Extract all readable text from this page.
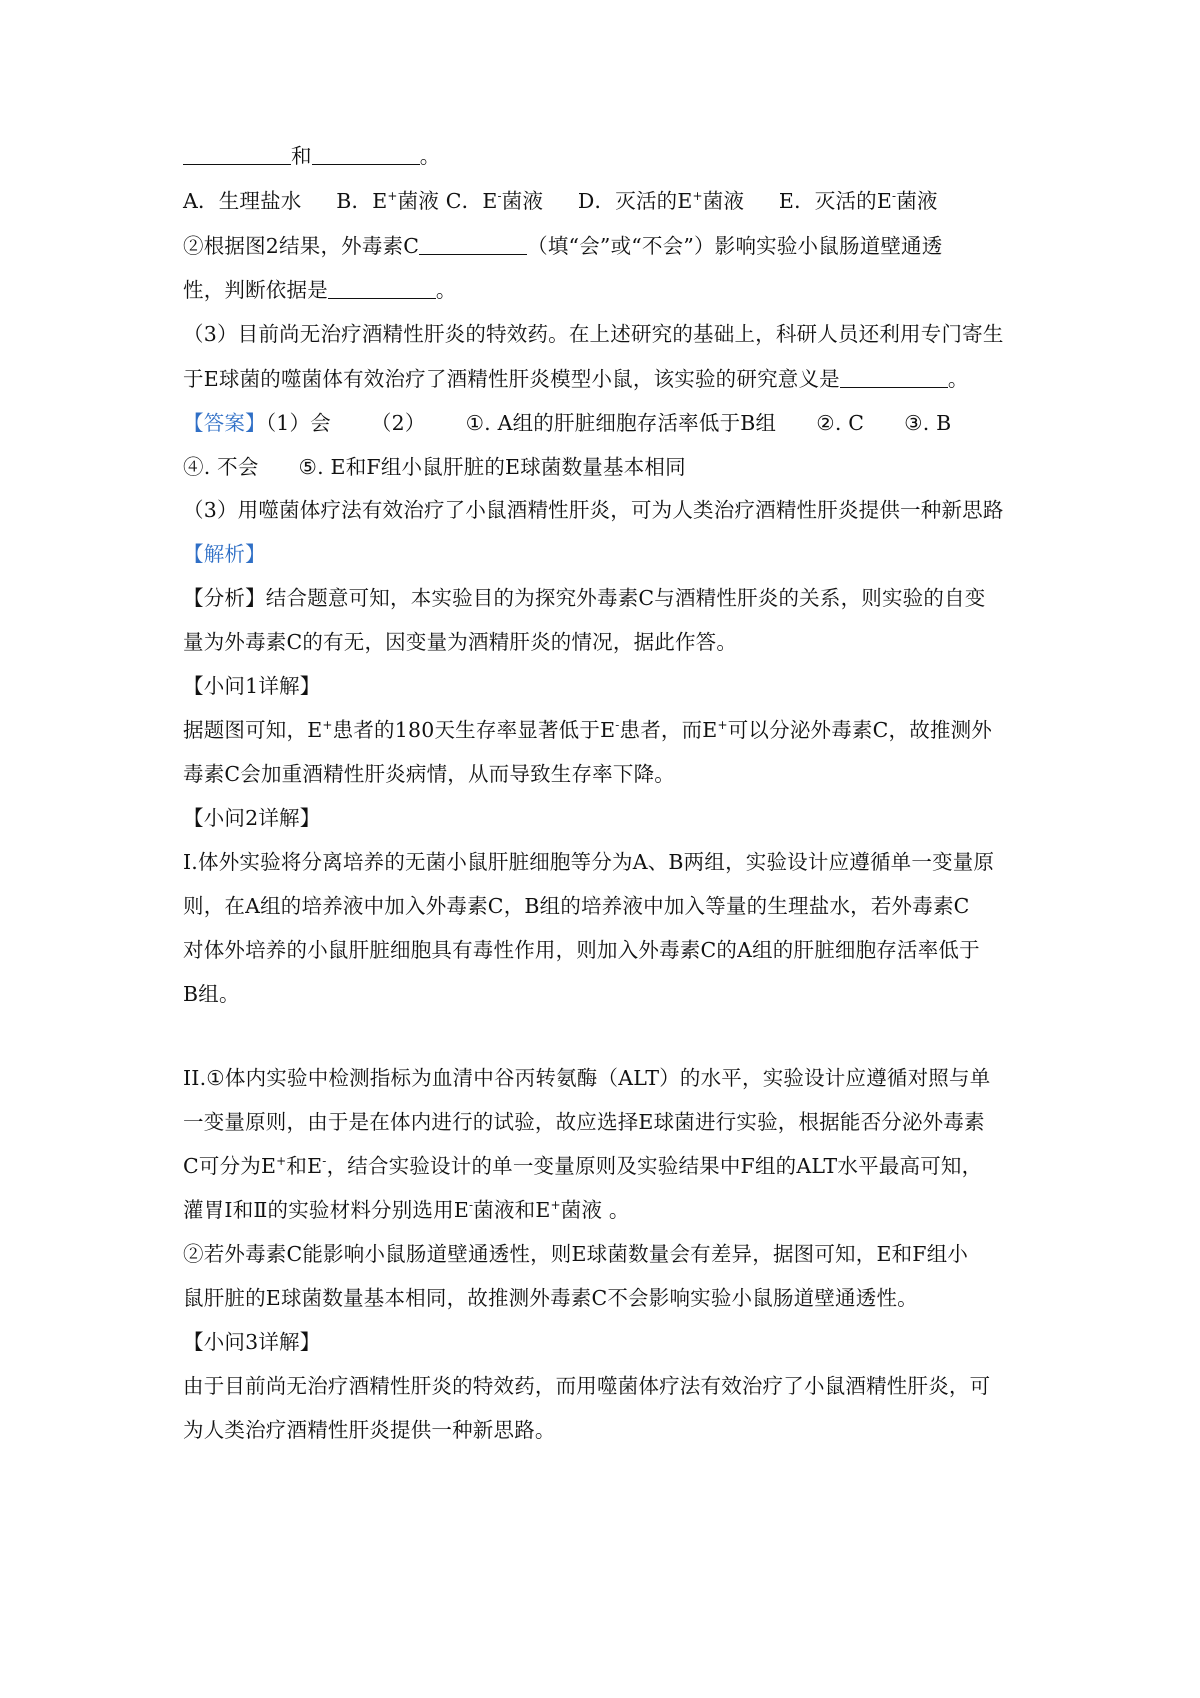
和	。
A．生理盐水 B．E+菌液 C．E-菌液 D．灭活的E+菌液 E．灭活的E-菌液
②根据图2结果，外毒素C	（填“会”或“不会”）影响实验小鼠肠道壁通透
性，判断依据是	。
（3）目前尚无治疗酒精性肝炎的特效药。在上述研究的基础上，科研人员还利用专门寄生
于E球菌的噬菌体有效治疗了酒精性肝炎模型小鼠，该实验的研究意义是	。
【答案】（1）会 （2） ①. A组的肝脏细胞存活率低于B组 ②. C ③. B
④. 不会 ⑤. E和F组小鼠肝脏的E球菌数量基本相同
（3）用噬菌体疗法有效治疗了小鼠酒精性肝炎，可为人类治疗酒精性肝炎提供一种新思路
【解析】
【分析】结合题意可知，本实验目的为探究外毒素C与酒精性肝炎的关系，则实验的自变
量为外毒素C的有无，因变量为酒精肝炎的情况，据此作答。
【小问1详解】
据题图可知，E+患者的180天生存率显著低于E-患者，而E+可以分泌外毒素C，故推测外
毒素C会加重酒精性肝炎病情，从而导致生存率下降。
【小问2详解】
I.体外实验将分离培养的无菌小鼠肝脏细胞等分为A、B两组，实验设计应遵循单一变量原
则，在A组的培养液中加入外毒素C，B组的培养液中加入等量的生理盐水，若外毒素C
对体外培养的小鼠肝脏细胞具有毒性作用，则加入外毒素C的A组的肝脏细胞存活率低于
B组。
II.①体内实验中检测指标为血清中谷丙转氨酶（ALT）的水平，实验设计应遵循对照与单
一变量原则，由于是在体内进行的试验，故应选择E球菌进行实验，根据能否分泌外毒素
C可分为E+和E-，结合实验设计的单一变量原则及实验结果中F组的ALT水平最高可知，
灌胃I和Ⅱ的实验材料分别选用E-菌液和E+菌液 。
②若外毒素C能影响小鼠肠道壁通透性，则E球菌数量会有差异，据图可知，E和F组小
鼠肝脏的E球菌数量基本相同，故推测外毒素C不会影响实验小鼠肠道壁通透性。
【小问3详解】
由于目前尚无治疗酒精性肝炎的特效药，而用噬菌体疗法有效治疗了小鼠酒精性肝炎，可
为人类治疗酒精性肝炎提供一种新思路。
